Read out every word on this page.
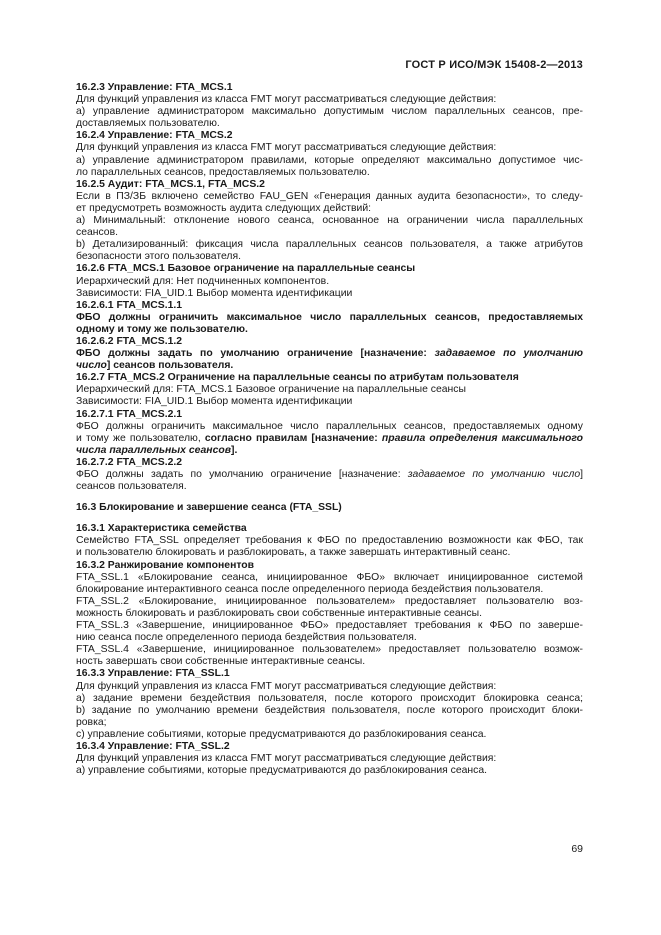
ГОСТ Р ИСО/МЭК 15408-2—2013
16.2.3 Управление: FTA_MCS.1
Для функций управления из класса FMT могут рассматриваться следующие действия:
а) управление администратором максимально допустимым числом параллельных сеансов, пре-
доставляемых пользователю.
16.2.4 Управление: FTA_MCS.2
Для функций управления из класса FMT могут рассматриваться следующие действия:
а) управление администратором правилами, которые определяют максимально допустимое чис-
ло параллельных сеансов, предоставляемых пользователю.
16.2.5 Аудит: FTA_MCS.1, FTA_MCS.2
Если в ПЗ/ЗБ включено семейство FAU_GEN «Генерация данных аудита безопасности», то следу-
ет предусмотреть возможность аудита следующих действий:
а) Минимальный: отклонение нового сеанса, основанное на ограничении числа параллельных
сеансов.
b) Детализированный: фиксация числа параллельных сеансов пользователя, а также атрибутов
безопасности этого пользователя.
16.2.6 FTA_MCS.1 Базовое ограничение на параллельные сеансы
Иерархический для: Нет подчиненных компонентов.
Зависимости: FIA_UID.1 Выбор момента идентификации
16.2.6.1 FTA_MCS.1.1
ФБО должны ограничить максимальное число параллельных сеансов, предоставляемых
одному и тому же пользователю.
16.2.6.2 FTA_MCS.1.2
ФБО должны задать по умолчанию ограничение [назначение: задаваемое по умолчанию
число] сеансов пользователя.
16.2.7 FTA_MCS.2 Ограничение на параллельные сеансы по атрибутам пользователя
Иерархический для: FTA_MCS.1 Базовое ограничение на параллельные сеансы
Зависимости: FIA_UID.1 Выбор момента идентификации
16.2.7.1 FTA_MCS.2.1
ФБО должны ограничить максимальное число параллельных сеансов, предоставляемых одному
и тому же пользователю, согласно правилам [назначение: правила определения максимального
числа параллельных сеансов].
16.2.7.2 FTA_MCS.2.2
ФБО должны задать по умолчанию ограничение [назначение: задаваемое по умолчанию число]
сеансов пользователя.
16.3 Блокирование и завершение сеанса (FTA_SSL)
16.3.1 Характеристика семейства
Семейство FTA_SSL определяет требования к ФБО по предоставлению возможности как ФБО, так
и пользователю блокировать и разблокировать, а также завершать интерактивный сеанс.
16.3.2 Ранжирование компонентов
FTA_SSL.1 «Блокирование сеанса, инициированное ФБО» включает инициированное системой
блокирование интерактивного сеанса после определенного периода бездействия пользователя.
FTA_SSL.2 «Блокирование, инициированное пользователем» предоставляет пользователю воз-
можность блокировать и разблокировать свои собственные интерактивные сеансы.
FTA_SSL.3 «Завершение, инициированное ФБО» предоставляет требования к ФБО по заверше-
нию сеанса после определенного периода бездействия пользователя.
FTA_SSL.4 «Завершение, инициированное пользователем» предоставляет пользователю возмож-
ность завершать свои собственные интерактивные сеансы.
16.3.3 Управление: FTA_SSL.1
Для функций управления из класса FMT могут рассматриваться следующие действия:
а) задание времени бездействия пользователя, после которого происходит блокировка сеанса;
b) задание по умолчанию времени бездействия пользователя, после которого происходит блоки-
ровка;
c) управление событиями, которые предусматриваются до разблокирования сеанса.
16.3.4 Управление: FTA_SSL.2
Для функций управления из класса FMT могут рассматриваться следующие действия:
а) управление событиями, которые предусматриваются до разблокирования сеанса.
69
